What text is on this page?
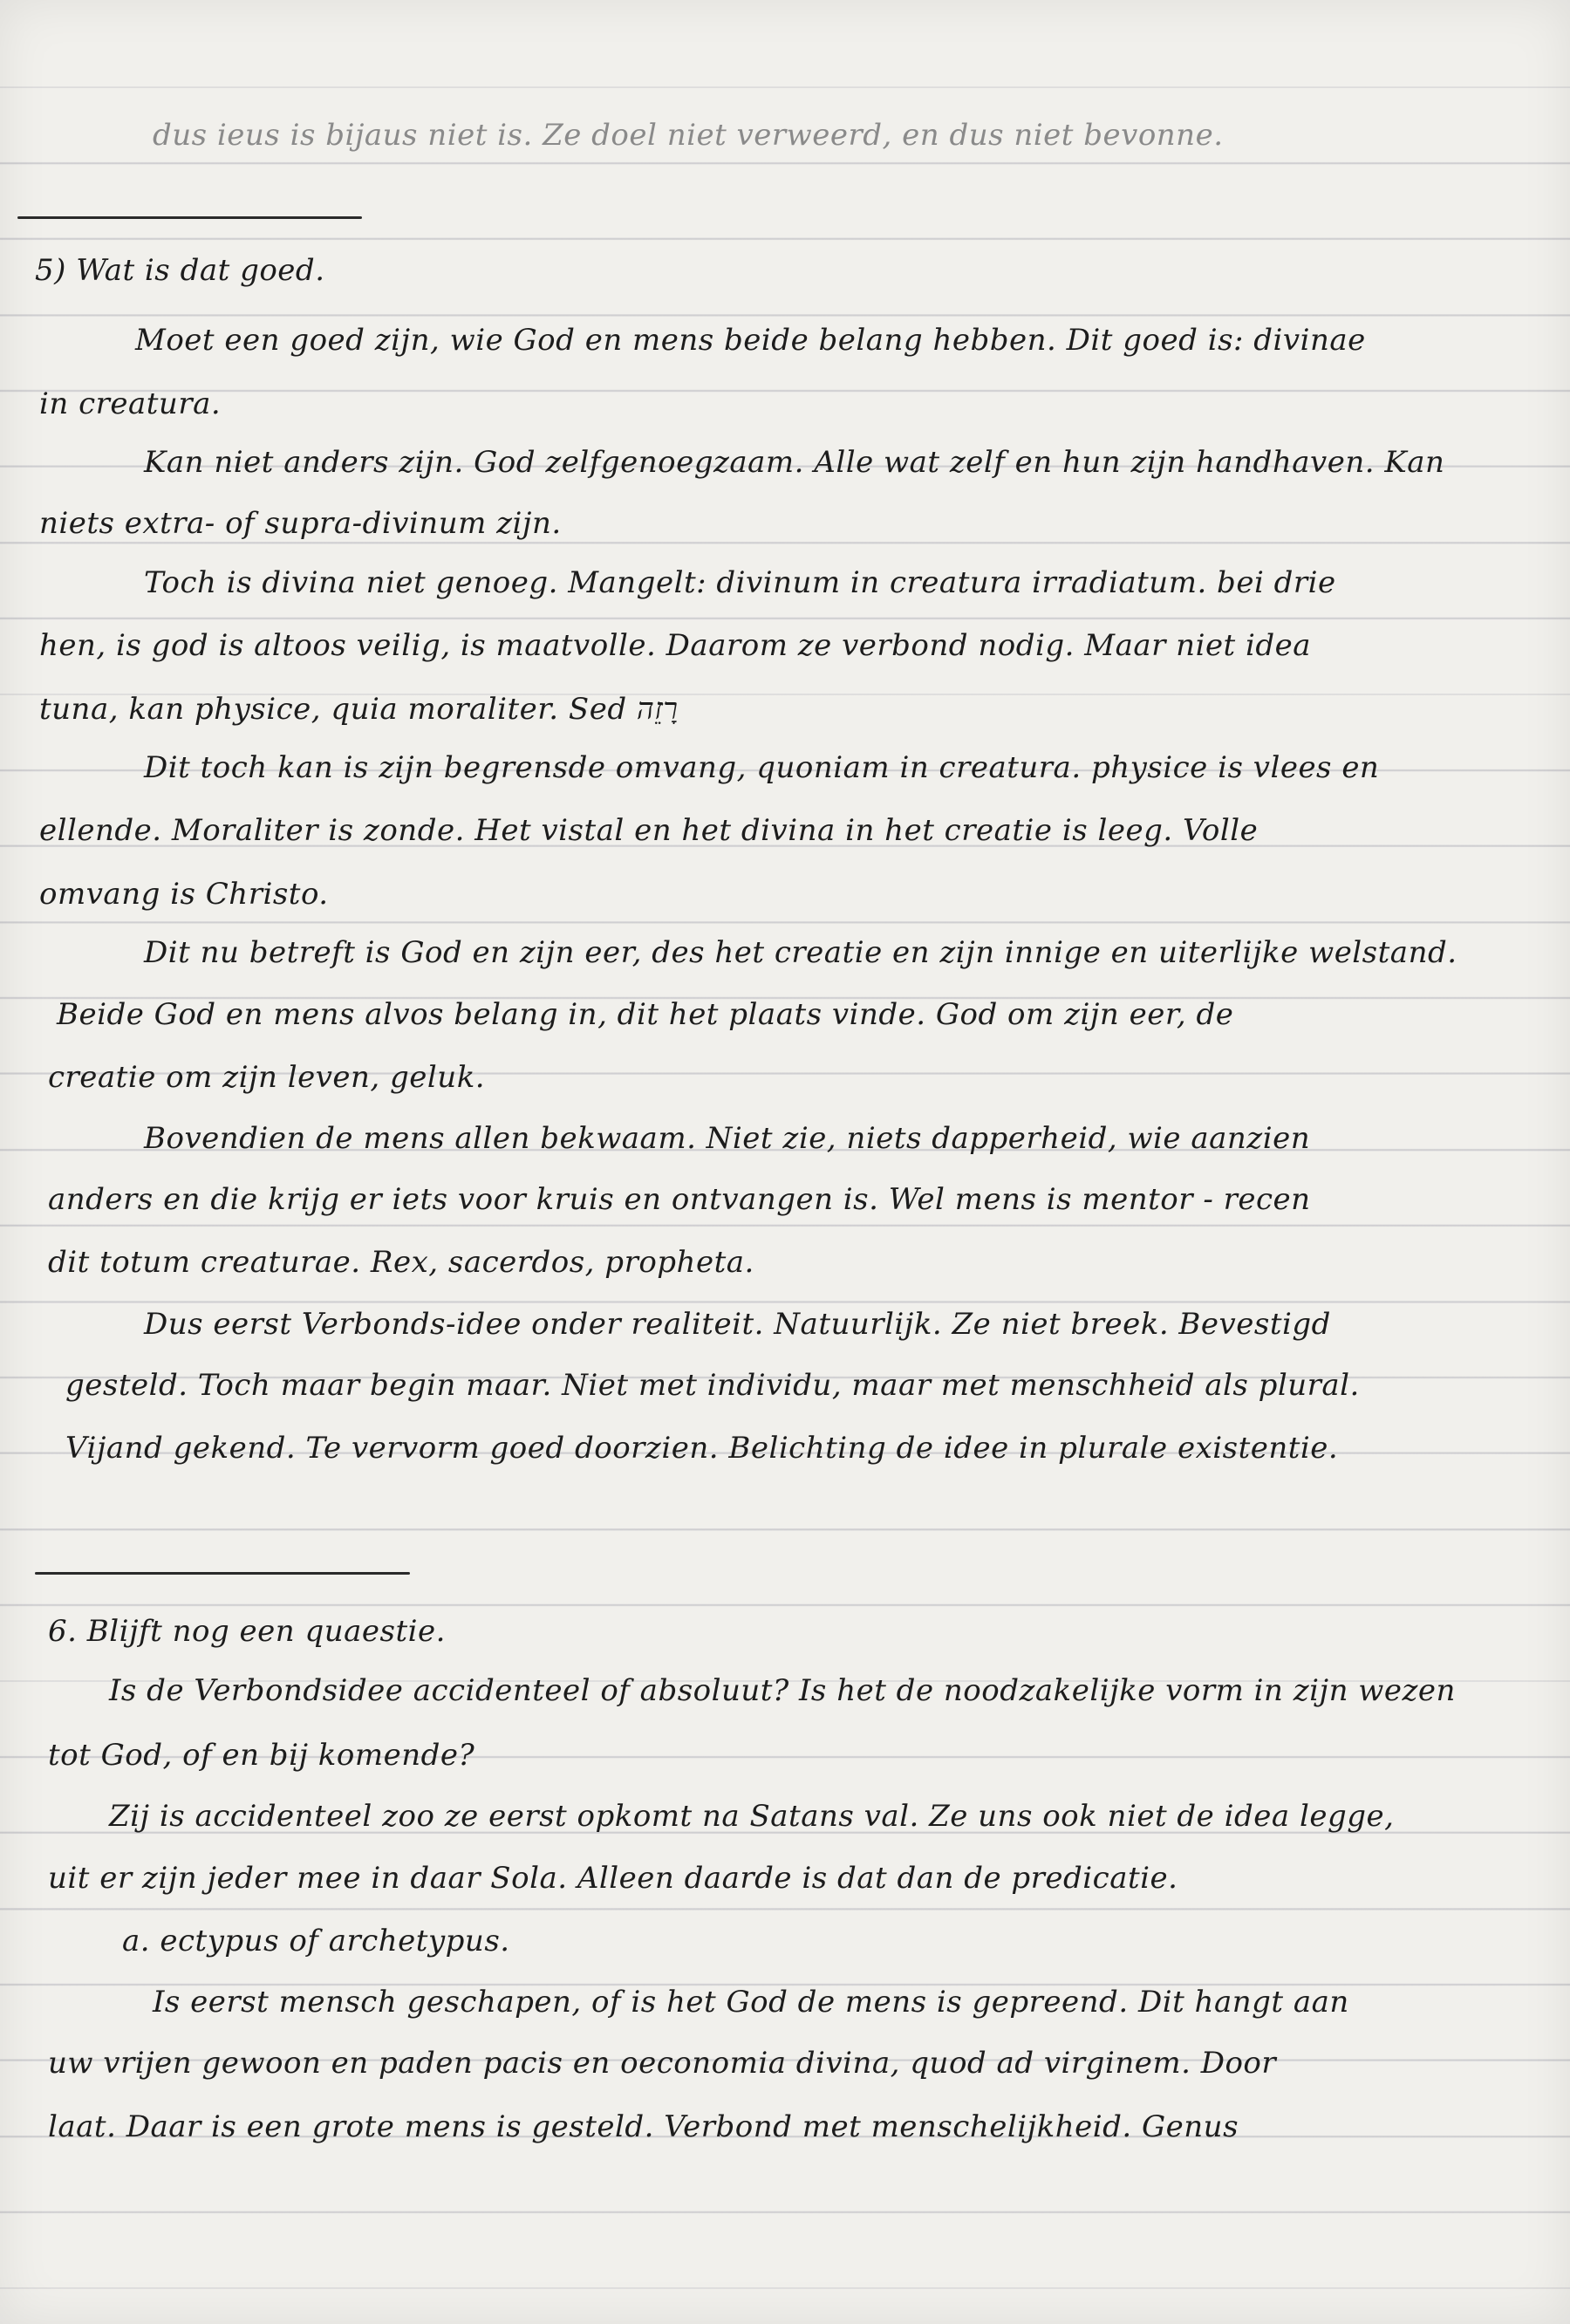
dus ieus is bijaus niet is. Ze doel niet verweerd, en dus niet bevonne.
5) Wat is dat goed.
Moet een goed zijn, wie God en mens beide belang hebben. Dit goed is: divinae
in creatura.
Kan niet anders zijn. God zelfgenoegzaam. Alle wat zelf en hun zijn handhaven. Kan
niets extra- of supra-divinum zijn.
Toch is divina niet genoeg. Mangelt: divinum in creatura irradiatum. bei drie
hen, is god is altoos veilig, is maatvolle. Daarom ze verbond nodig. Maar niet idea
tuna, kan physice, quia moraliter. Sed רָזֵה
Dit toch kan is zijn begrensde omvang, quoniam in creatura. physice is vlees en
ellende. Moraliter is zonde. Het vistal en het divina in het creatie is leeg. Volle
omvang is Christo.
Dit nu betreft is God en zijn eer, des het creatie en zijn innige en uiterlijke welstand.
Beide God en mens alvos belang in, dit het plaats vinde. God om zijn eer, de
creatie om zijn leven, geluk.
Bovendien de mens allen bekwaam. Niet zie, niets dapperheid, wie aanzien
anders en die krijg er iets voor kruis en ontvangen is. Wel mens is mentor - recen
dit totum creaturae. Rex, sacerdos, propheta.
Dus eerst Verbonds-idee onder realiteit. Natuurlijk. Ze niet breek. Bevestigd
gesteld. Toch maar begin maar. Niet met individu, maar met menschheid als plural.
Vijand gekend. Te vervorm goed doorzien. Belichting de idee in plurale existentie.
6. Blijft nog een quaestie.
Is de Verbondsidee accidenteel of absoluut? Is het de noodzakelijke vorm in zijn wezen
tot God, of en bij komende?
Zij is accidenteel zoo ze eerst opkomt na Satans val. Ze uns ook niet de idea legge,
uit er zijn jeder mee in daar Sola. Alleen daarde is dat dan de predicatie.
a. ectypus of archetypus.
Is eerst mensch geschapen, of is het God de mens is gepreend. Dit hangt aan
uw vrijen gewoon en paden pacis en oeconomia divina, quod ad virginem. Door
laat. Daar is een grote mens is gesteld. Verbond met menschelijkheid. Genus
